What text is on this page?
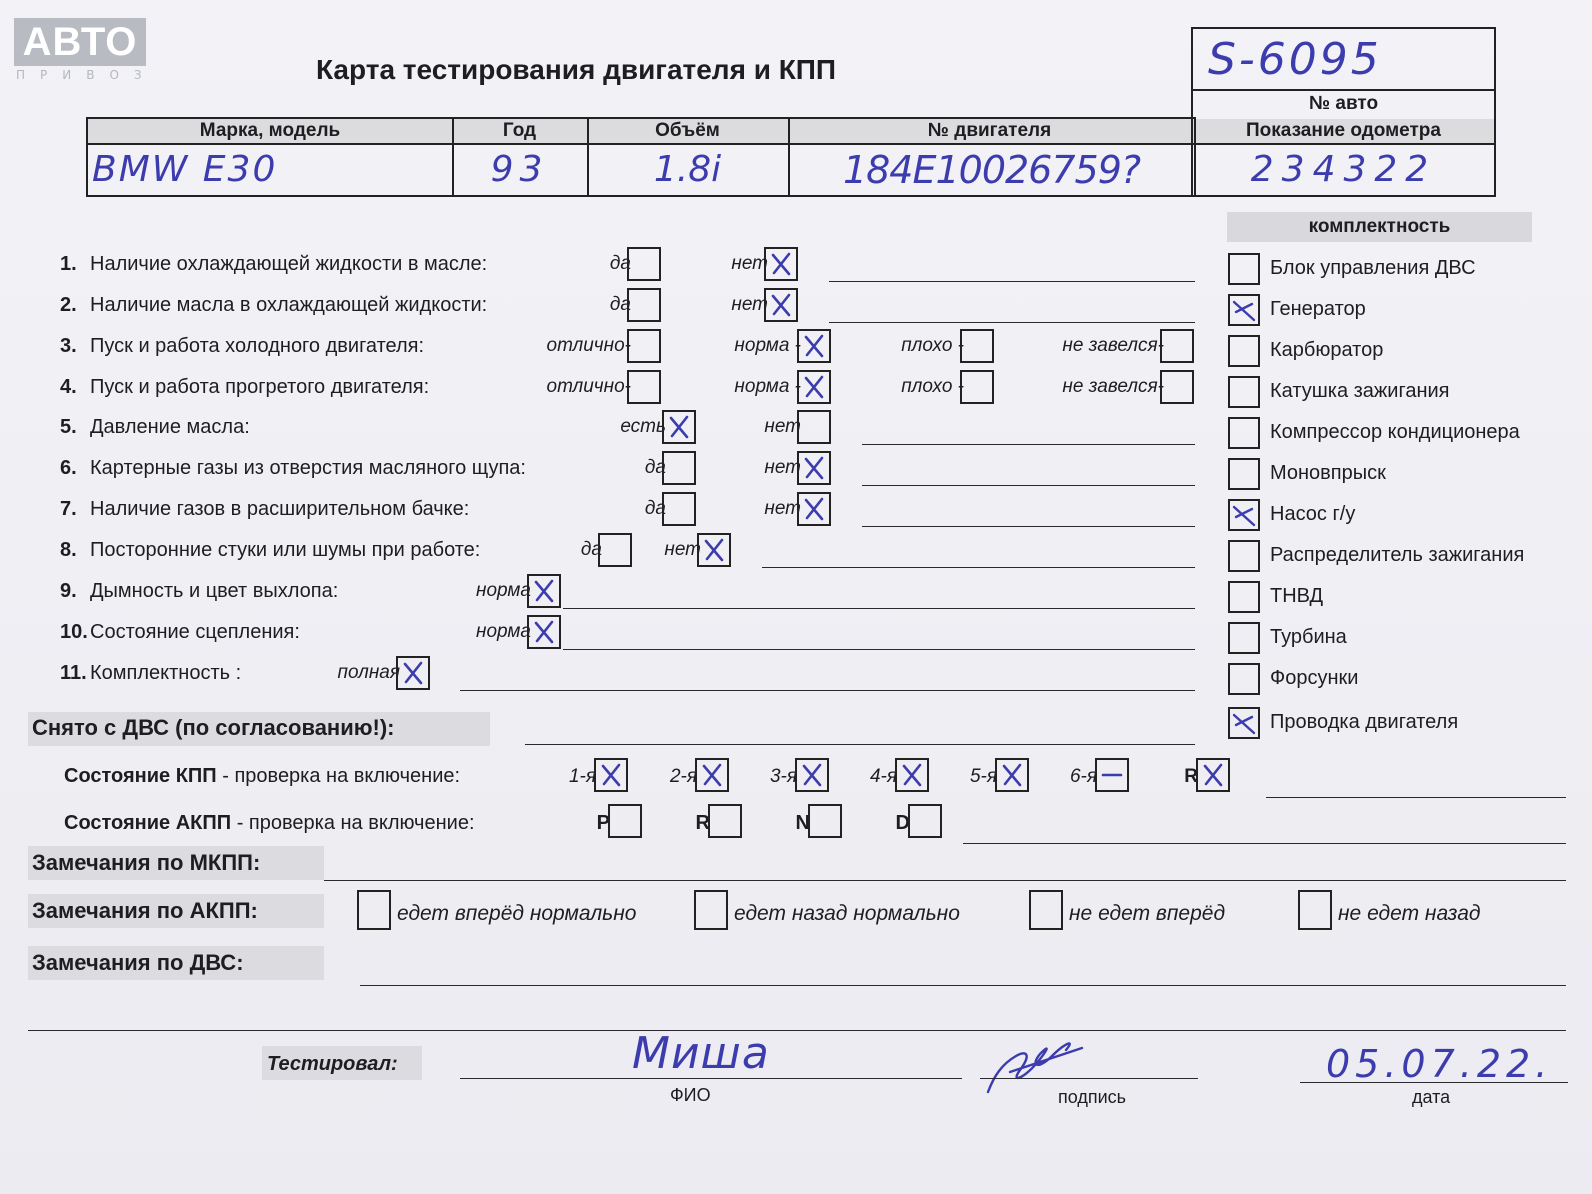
АВТО
ПРИВОЗ	Карта тестирования двигателя и КПП	S-6095
№ авто
Марка, модель	Год	Объём	№ двигателя	Показание одометра
BMW E30	93	1.8i	184E10026759?	234322
комплектность
1. Наличие охлаждающей жидкости в масле:	да	нет
2. Наличие масла в охлаждающей жидкости:	да	нет
3. Пуск и работа холодного двигателя:	отлично-	норма -	плохо -	не завелся-
4. Пуск и работа прогретого двигателя:	отлично-	норма -	плохо -	не завелся-
5. Давление масла:	есть	нет
6. Картерные газы из отверстия масляного щупа:	да	нет
7. Наличие газов в расширительном бачке:	да	нет
8. Посторонние стуки или шумы при работе:	да	нет
9. Дымность и цвет выхлопа:	норма
10. Состояние сцепления:	норма
11. Комплектность :	полная
Блок управления ДВС
Генератор
Карбюратор
Катушка зажигания
Компрессор кондиционера
Моновпрыск
Насос г/у
Распределитель зажигания
ТНВД
Турбина
Форсунки
Проводка двигателя
Снято с ДВС (по согласованию!):
Состояние КПП - проверка на включение:	1-я	2-я	3-я	4-я	5-я	6-я	R
Состояние АКПП - проверка на включение:	P	R	N	D
Замечания по МКПП:
Замечания по АКПП:	едет вперёд нормально	едет назад нормально	не едет вперёд	не едет назад
Замечания по ДВС:
Тестировал:	Миша
ФИО	подпись
05.07.22.
дата
